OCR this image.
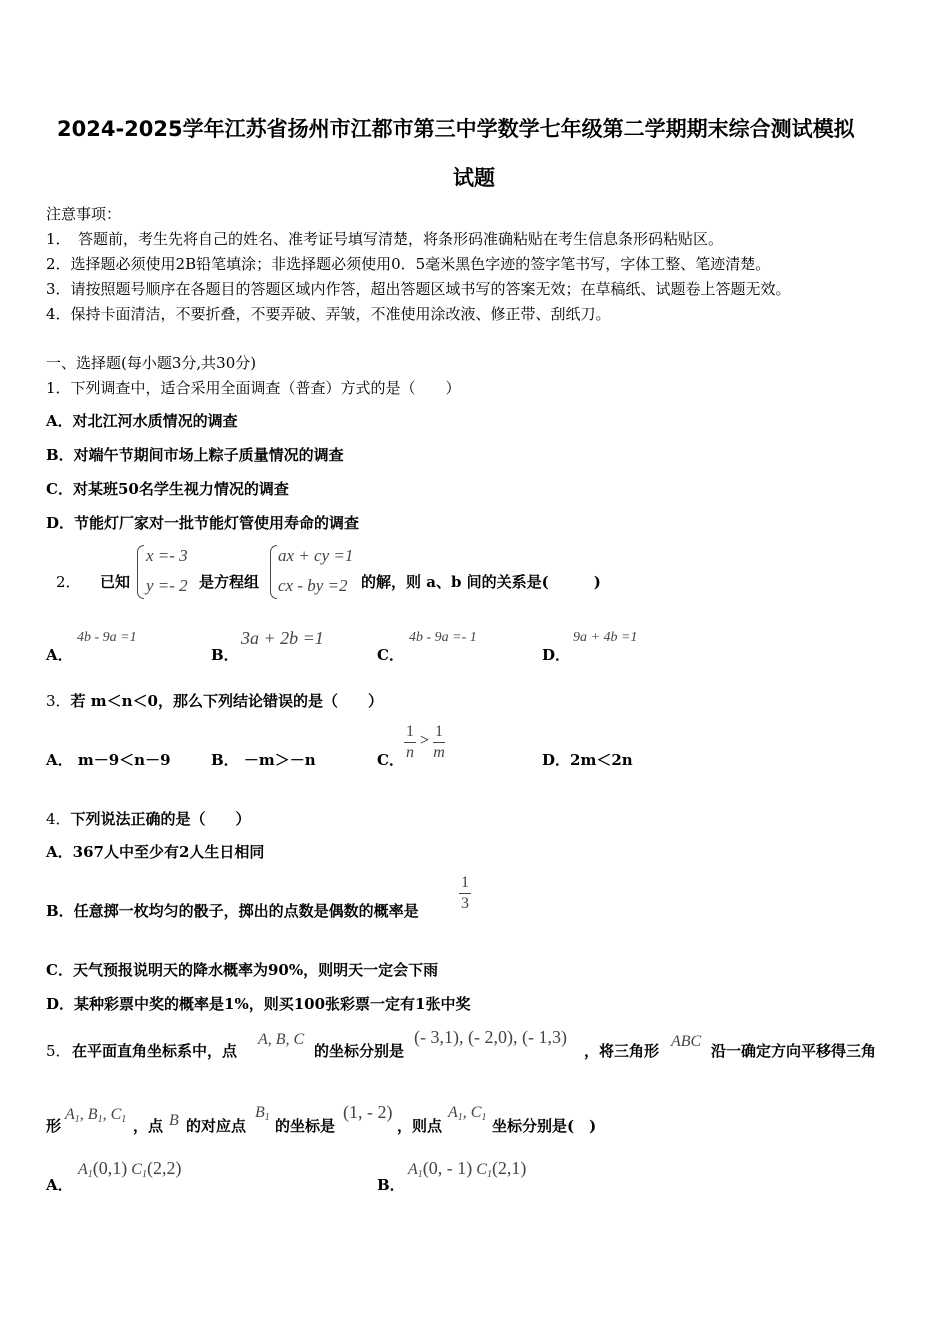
2024-2025学年江苏省扬州市江都市第三中学数学七年级第二学期期末综合测试模拟
试题
注意事项：
1．　答题前，考生先将自己的姓名、准考证号填写清楚，将条形码准确粘贴在考生信息条形码粘贴区。
2．选择题必须使用2B铅笔填涂；非选择题必须使用0．5毫米黑色字迹的签字笔书写，字体工整、笔迹清楚。
3．请按照题号顺序在各题目的答题区域内作答，超出答题区域书写的答案无效；在草稿纸、试题卷上答题无效。
4．保持卡面清洁，不要折叠，不要弄破、弄皱，不准使用涂改液、修正带、刮纸刀。
一、选择题(每小题3分,共30分)
1．下列调查中，适合采用全面调查（普查）方式的是（　　）
A．对北江河水质情况的调查
B．对端午节期间市场上粽子质量情况的调查
C．对某班50名学生视力情况的调查
D．节能灯厂家对一批节能灯管使用寿命的调查
2． 已知
x =- 3
y =- 2 是方程组
ax + cy =1
cx - by =2 的解，则 a、b 间的关系是(　　　)
A．
4b - 9a =1
B．
3a + 2b =1
C．
4b - 9a =- 1
D．
9a + 4b =1
3．若 m＜n＜0，那么下列结论错误的是（　　）
A． m－9＜n－9	B． －m＞－n	C． $\frac{1}{n} > \frac{1}{m}$	D．2m＜2n
4．下列说法正确的是（　　）
A．367人中至少有2人生日相同
B．任意掷一枚均匀的骰子，掷出的点数是偶数的概率是	$\frac{1}{3}$
C．天气预报说明天的降水概率为90%，则明天一定会下雨
D．某种彩票中奖的概率是1%，则买100张彩票一定有1张中奖
5． 在平面直角坐标系中，点
A, B, C
的坐标分别是
(- 3,1), (- 2,0), (- 1,3)
，将三角形
ABC
沿一确定方向平移得三角
形
$A_1$, $B_1$, $C_1$ ，点 B 的对应点
$B_1$ 的坐标是
(1, - 2)
，则点
$A_1$, $C_1$ 坐标分别是(　)
A．
$A_1(0,1)$ $C_1(2,2)$
B．
$A_1(0$, - 1) $C_1(2,1)$
